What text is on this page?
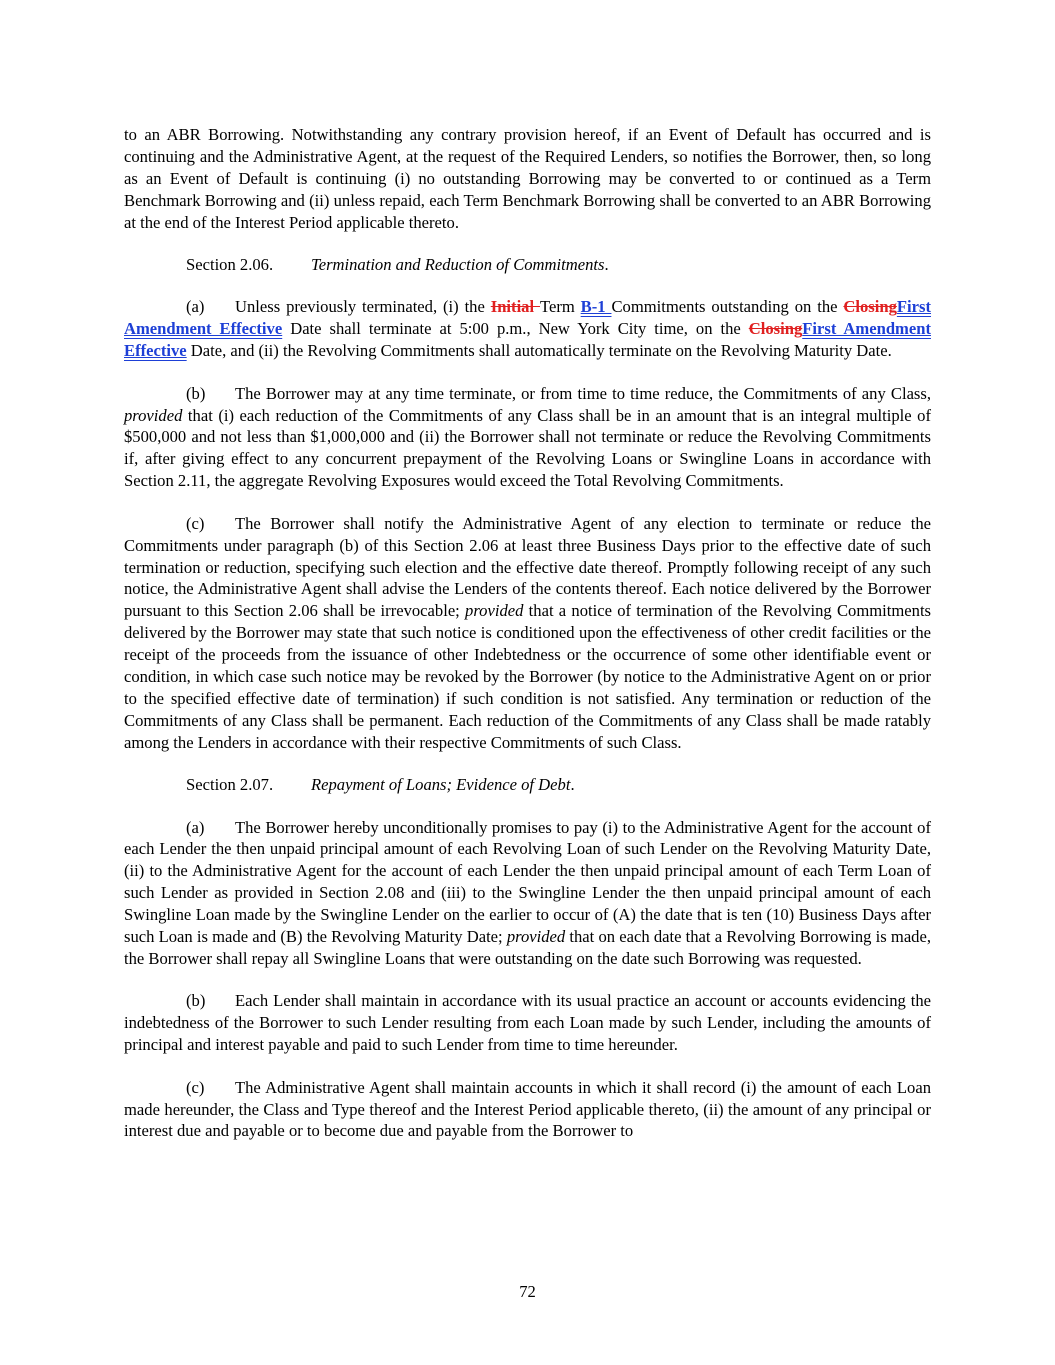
to an ABR Borrowing. Notwithstanding any contrary provision hereof, if an Event of Default has occurred and is continuing and the Administrative Agent, at the request of the Required Lenders, so notifies the Borrower, then, so long as an Event of Default is continuing (i) no outstanding Borrowing may be converted to or continued as a Term Benchmark Borrowing and (ii) unless repaid, each Term Benchmark Borrowing shall be converted to an ABR Borrowing at the end of the Interest Period applicable thereto.

Section 2.06. Termination and Reduction of Commitments.

(a) Unless previously terminated, (i) the Initial Term B-1 Commitments outstanding on the ClosingFirst Amendment Effective Date shall terminate at 5:00 p.m., New York City time, on the ClosingFirst Amendment Effective Date, and (ii) the Revolving Commitments shall automatically terminate on the Revolving Maturity Date.

(b) The Borrower may at any time terminate, or from time to time reduce, the Commitments of any Class, provided that (i) each reduction of the Commitments of any Class shall be in an amount that is an integral multiple of $500,000 and not less than $1,000,000 and (ii) the Borrower shall not terminate or reduce the Revolving Commitments if, after giving effect to any concurrent prepayment of the Revolving Loans or Swingline Loans in accordance with Section 2.11, the aggregate Revolving Exposures would exceed the Total Revolving Commitments.

(c) The Borrower shall notify the Administrative Agent of any election to terminate or reduce the Commitments under paragraph (b) of this Section 2.06 at least three Business Days prior to the effective date of such termination or reduction, specifying such election and the effective date thereof. Promptly following receipt of any such notice, the Administrative Agent shall advise the Lenders of the contents thereof. Each notice delivered by the Borrower pursuant to this Section 2.06 shall be irrevocable; provided that a notice of termination of the Revolving Commitments delivered by the Borrower may state that such notice is conditioned upon the effectiveness of other credit facilities or the receipt of the proceeds from the issuance of other Indebtedness or the occurrence of some other identifiable event or condition, in which case such notice may be revoked by the Borrower (by notice to the Administrative Agent on or prior to the specified effective date of termination) if such condition is not satisfied. Any termination or reduction of the Commitments of any Class shall be permanent. Each reduction of the Commitments of any Class shall be made ratably among the Lenders in accordance with their respective Commitments of such Class.

Section 2.07. Repayment of Loans; Evidence of Debt.

(a) The Borrower hereby unconditionally promises to pay (i) to the Administrative Agent for the account of each Lender the then unpaid principal amount of each Revolving Loan of such Lender on the Revolving Maturity Date, (ii) to the Administrative Agent for the account of each Lender the then unpaid principal amount of each Term Loan of such Lender as provided in Section 2.08 and (iii) to the Swingline Lender the then unpaid principal amount of each Swingline Loan made by the Swingline Lender on the earlier to occur of (A) the date that is ten (10) Business Days after such Loan is made and (B) the Revolving Maturity Date; provided that on each date that a Revolving Borrowing is made, the Borrower shall repay all Swingline Loans that were outstanding on the date such Borrowing was requested.

(b) Each Lender shall maintain in accordance with its usual practice an account or accounts evidencing the indebtedness of the Borrower to such Lender resulting from each Loan made by such Lender, including the amounts of principal and interest payable and paid to such Lender from time to time hereunder.

(c) The Administrative Agent shall maintain accounts in which it shall record (i) the amount of each Loan made hereunder, the Class and Type thereof and the Interest Period applicable thereto, (ii) the amount of any principal or interest due and payable or to become due and payable from the Borrower to

72
